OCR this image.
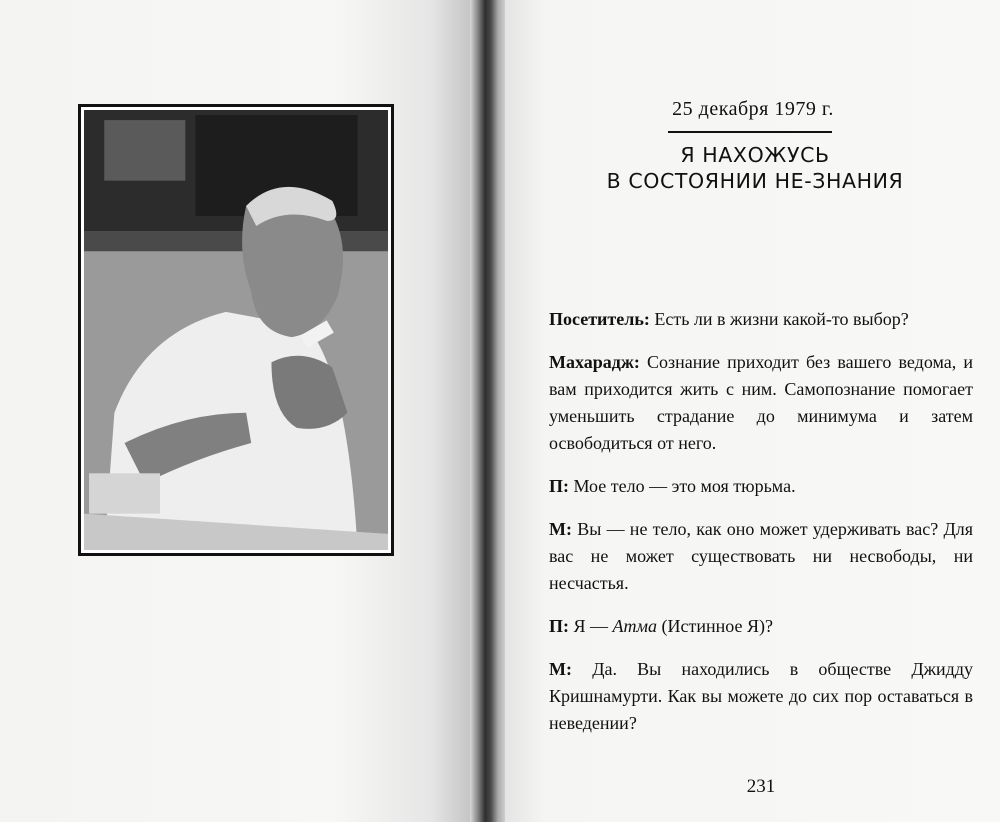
25 декабря 1979 г.
Я НАХОЖУСЬ
В СОСТОЯНИИ НЕ-ЗНАНИЯ

Посетитель: Есть ли в жизни какой-то выбор?

Махарадж: Сознание приходит без вашего ведома, и вам приходится жить с ним. Самопознание помогает уменьшить страдание до минимума и затем освободиться от него.

П: Мое тело — это моя тюрьма.

М: Вы — не тело, как оно может удерживать вас? Для вас не может существовать ни несвободы, ни несчастья.

П: Я — Атма (Истинное Я)?

М: Да. Вы находились в обществе Джидду Кришнамурти. Как вы можете до сих пор оставаться в неведении?

231
